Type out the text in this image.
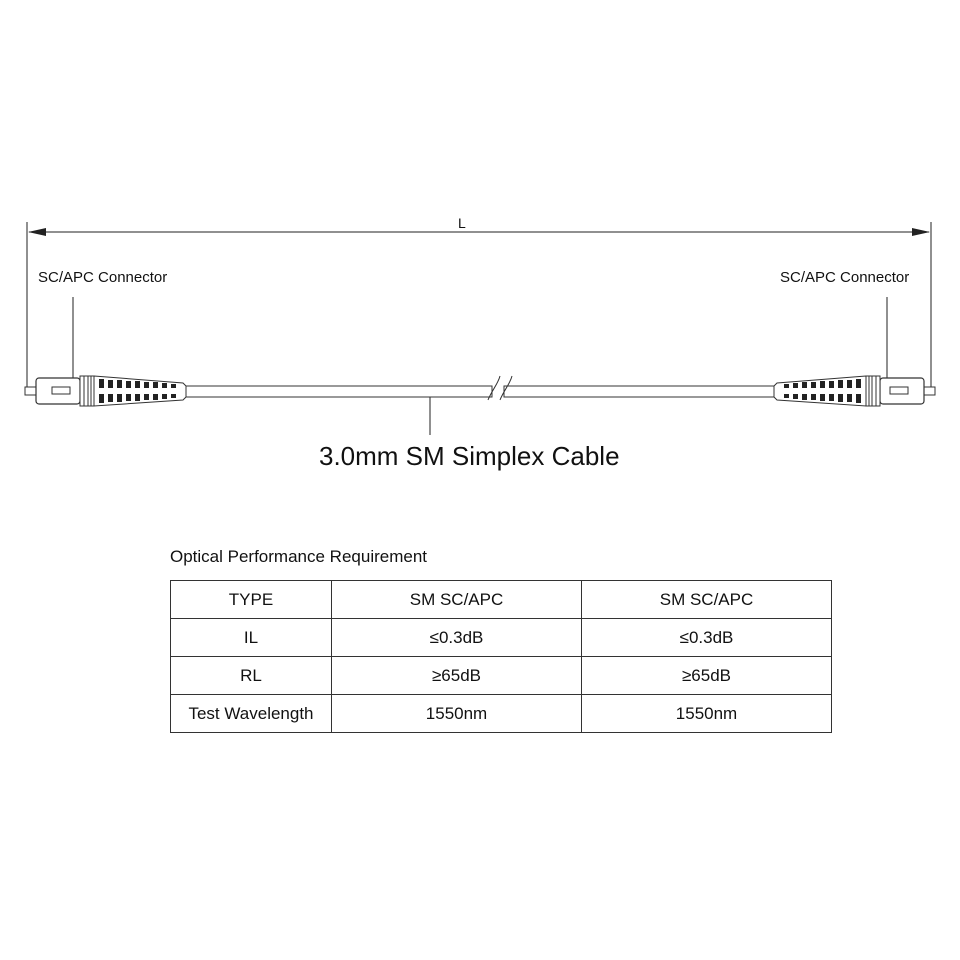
L
SC/APC Connector	SC/APC Connector
3.0mm SM Simplex Cable
Optical Performance Requirement
TYPE	SM SC/APC	SM SC/APC
IL	≤0.3dB	≤0.3dB
RL	≥65dB	≥65dB
Test Wavelength	1550nm	1550nm
